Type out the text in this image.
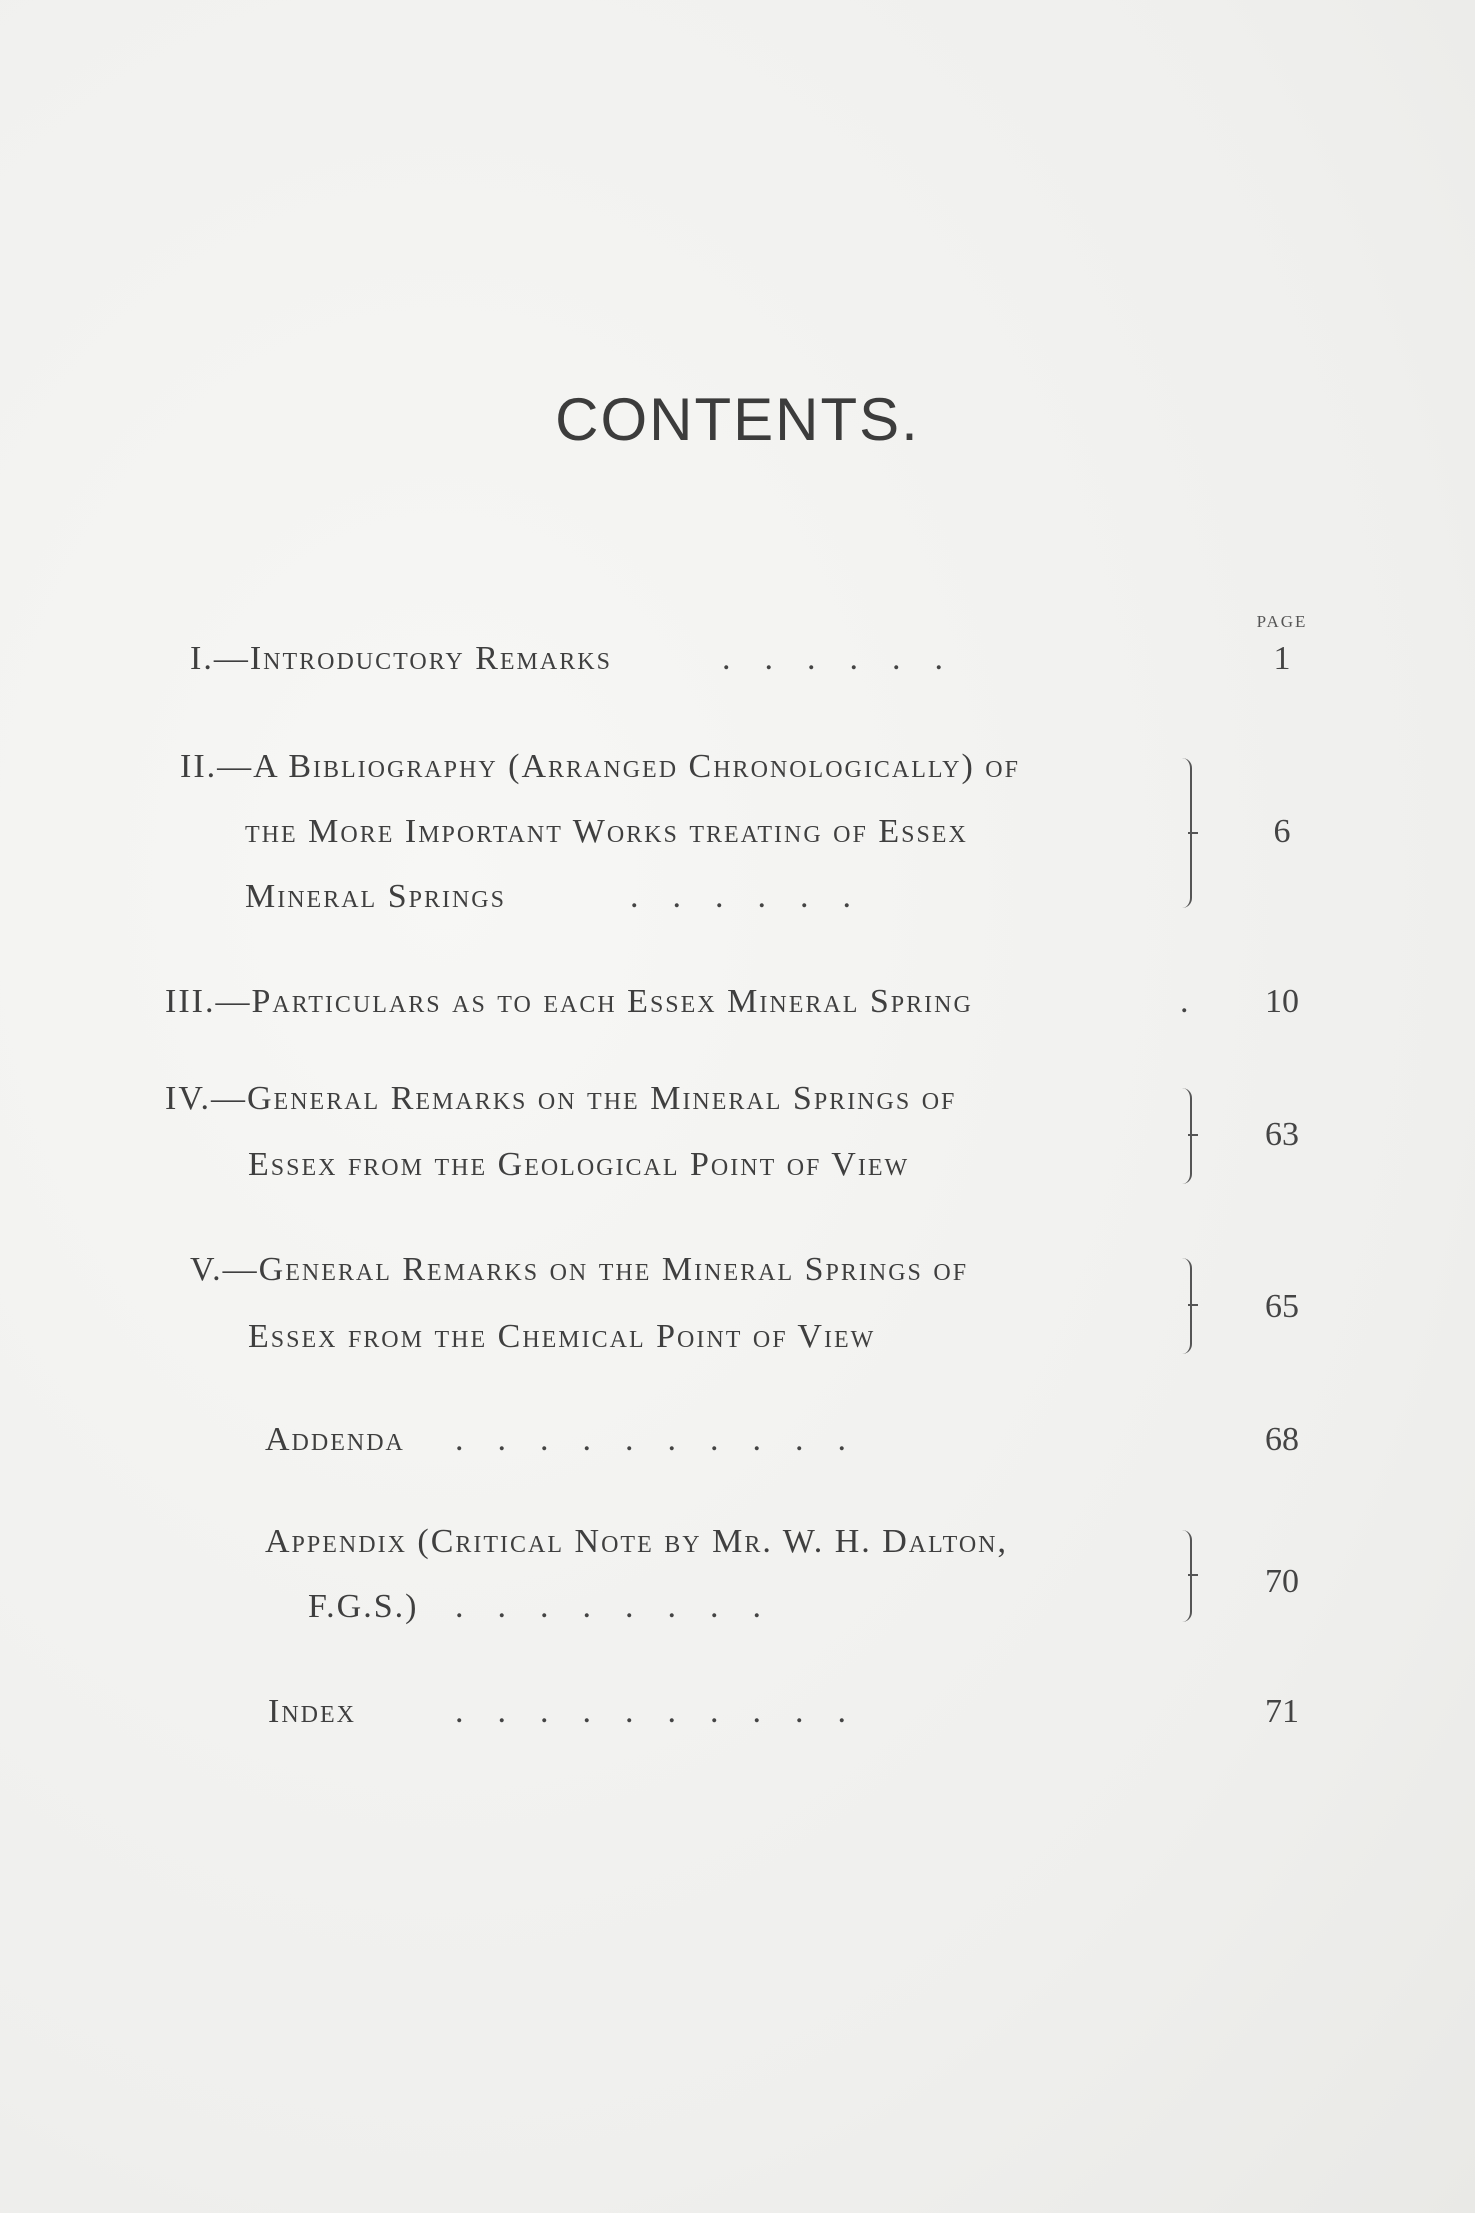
CONTENTS.
PAGE
I.—Introductory Remarks	.​.​.​.​.​.	1
II.—A Bibliography (Arranged Chronologically) of
the More Important Works treating of Essex
Mineral Springs	.​.​.​.​.​.
6
III.—Particulars as to each Essex Mineral Spring	.	10
IV.—General Remarks on the Mineral Springs of
Essex from the Geological Point of View
63
V.—General Remarks on the Mineral Springs of
Essex from the Chemical Point of View
65
Addenda .​.​.​.​.​.​.​.​.​.	68
Appendix (Critical Note by Mr. W. H. Dalton,
F.G.S.) .​.​.​.​.​.​.​.
70
Index	.​.​.​.​.​.​.​.​.​.	71
